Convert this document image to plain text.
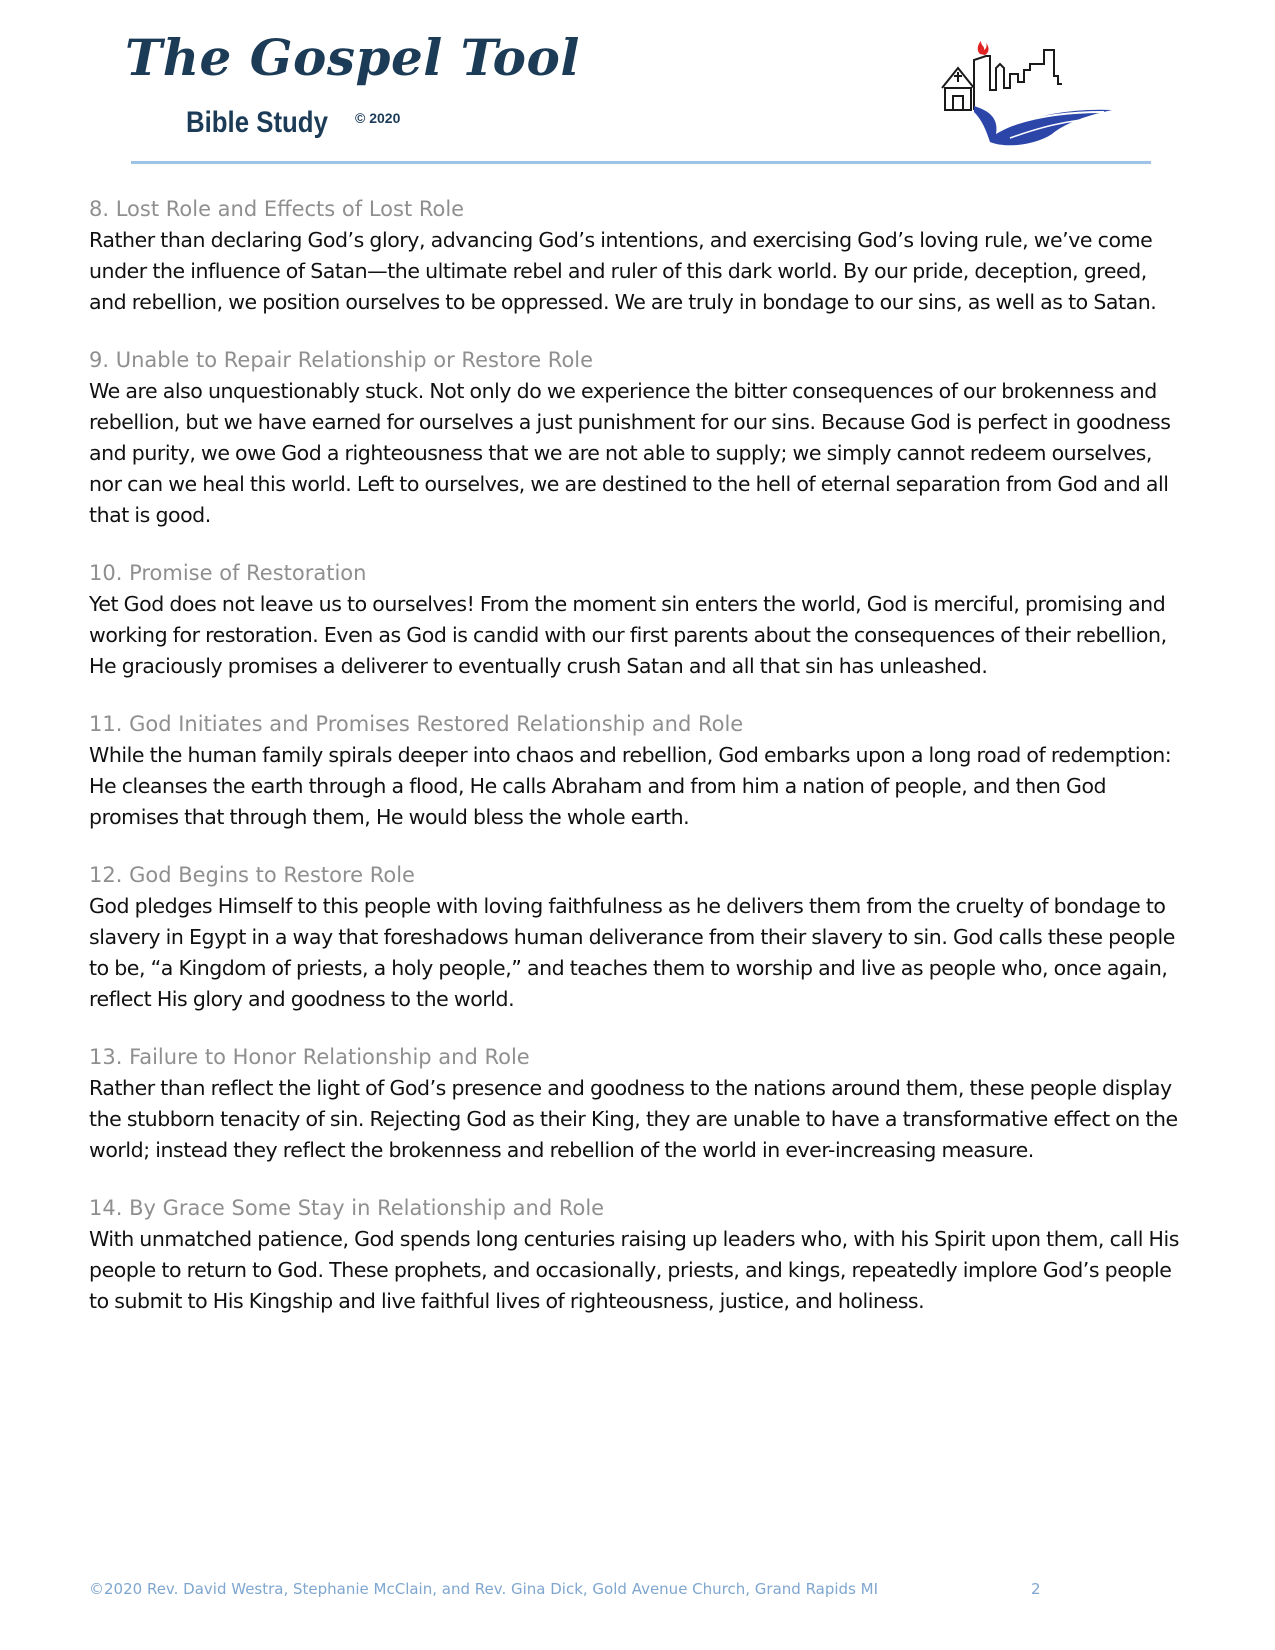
The Gospel Tool
Bible Study © 2020
8. Lost Role and Effects of Lost Role

Rather than declaring God’s glory, advancing God’s intentions, and exercising God’s loving rule, we’ve come under the influence of Satan—the ultimate rebel and ruler of this dark world. By our pride, deception, greed, and rebellion, we position ourselves to be oppressed. We are truly in bondage to our sins, as well as to Satan.

9. Unable to Repair Relationship or Restore Role

We are also unquestionably stuck. Not only do we experience the bitter consequences of our brokenness and rebellion, but we have earned for ourselves a just punishment for our sins. Because God is perfect in goodness and purity, we owe God a righteousness that we are not able to supply; we simply cannot redeem ourselves, nor can we heal this world. Left to ourselves, we are destined to the hell of eternal separation from God and all that is good.

10. Promise of Restoration

Yet God does not leave us to ourselves! From the moment sin enters the world, God is merciful, promising and working for restoration. Even as God is candid with our first parents about the consequences of their rebellion, He graciously promises a deliverer to eventually crush Satan and all that sin has unleashed.

11. God Initiates and Promises Restored Relationship and Role

While the human family spirals deeper into chaos and rebellion, God embarks upon a long road of redemption: He cleanses the earth through a flood, He calls Abraham and from him a nation of people, and then God promises that through them, He would bless the whole earth.

12. God Begins to Restore Role

God pledges Himself to this people with loving faithfulness as he delivers them from the cruelty of bondage to slavery in Egypt in a way that foreshadows human deliverance from their slavery to sin. God calls these people to be, “a Kingdom of priests, a holy people,” and teaches them to worship and live as people who, once again, reflect His glory and goodness to the world.

13. Failure to Honor Relationship and Role

Rather than reflect the light of God’s presence and goodness to the nations around them, these people display the stubborn tenacity of sin. Rejecting God as their King, they are unable to have a transformative effect on the world; instead they reflect the brokenness and rebellion of the world in ever-increasing measure.

14. By Grace Some Stay in Relationship and Role

With unmatched patience, God spends long centuries raising up leaders who, with his Spirit upon them, call His people to return to God. These prophets, and occasionally, priests, and kings, repeatedly implore God’s people to submit to His Kingship and live faithful lives of righteousness, justice, and holiness.

©2020 Rev. David Westra, Stephanie McClain, and Rev. Gina Dick, Gold Avenue Church, Grand Rapids MI	2
